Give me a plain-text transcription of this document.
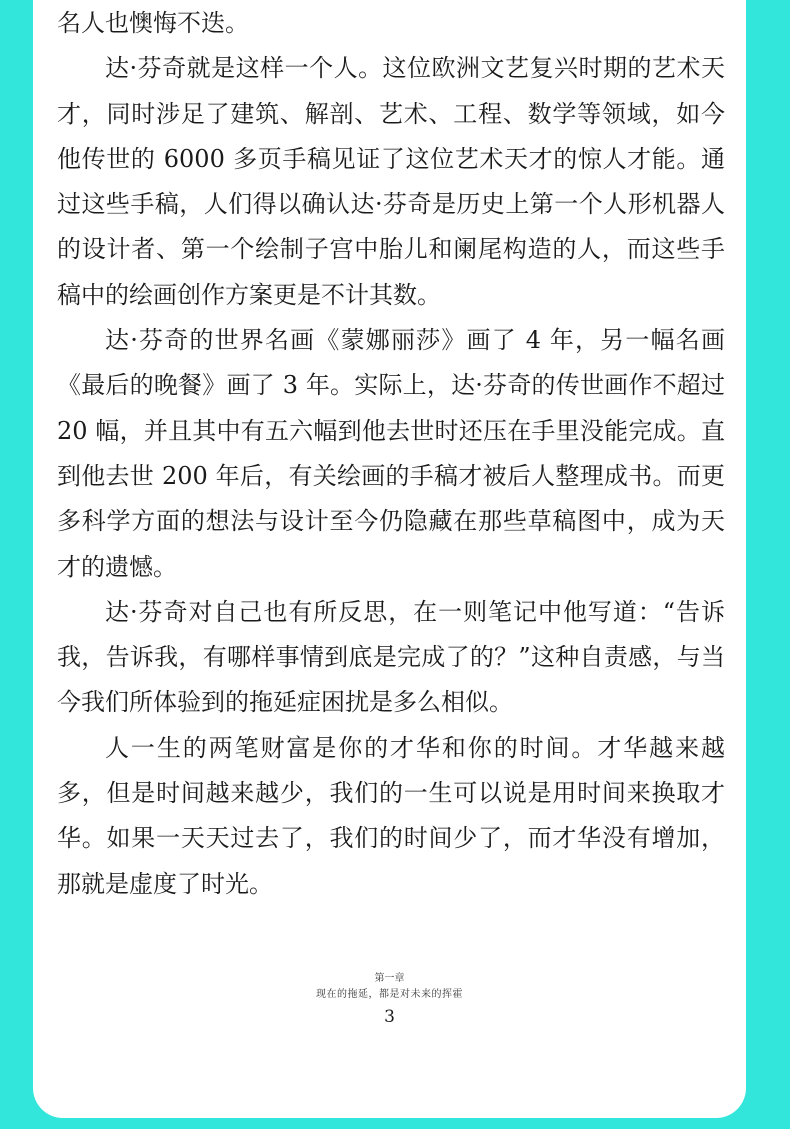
名人也懊悔不迭。

达·芬奇就是这样一个人。这位欧洲文艺复兴时期的艺术天才，同时涉足了建筑、解剖、艺术、工程、数学等领域，如今他传世的 6000 多页手稿见证了这位艺术天才的惊人才能。通过这些手稿，人们得以确认达·芬奇是历史上第一个人形机器人的设计者、第一个绘制子宫中胎儿和阑尾构造的人，而这些手稿中的绘画创作方案更是不计其数。

达·芬奇的世界名画《蒙娜丽莎》画了 4 年，另一幅名画《最后的晚餐》画了 3 年。实际上，达·芬奇的传世画作不超过 20 幅，并且其中有五六幅到他去世时还压在手里没能完成。直到他去世 200 年后，有关绘画的手稿才被后人整理成书。而更多科学方面的想法与设计至今仍隐藏在那些草稿图中，成为天才的遗憾。

达·芬奇对自己也有所反思，在一则笔记中他写道：“告诉我，告诉我，有哪样事情到底是完成了的？”这种自责感，与当今我们所体验到的拖延症困扰是多么相似。

人一生的两笔财富是你的才华和你的时间。才华越来越多，但是时间越来越少，我们的一生可以说是用时间来换取才华。如果一天天过去了，我们的时间少了，而才华没有增加，那就是虚度了时光。

第一章
现在的拖延，都是对未来的挥霍
3
